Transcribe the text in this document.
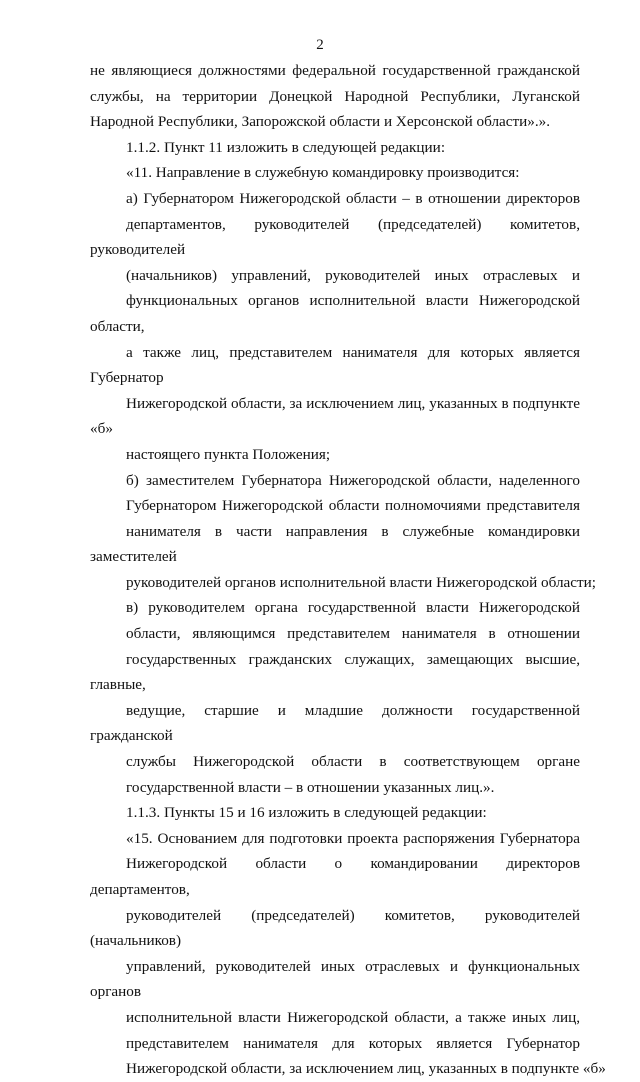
2
не являющиеся должностями федеральной государственной гражданской
службы, на территории Донецкой Народной Республики, Луганской
Народной Республики, Запорожской области и Херсонской области».».
1.1.2. Пункт 11 изложить в следующей редакции:
«11. Направление в служебную командировку производится:
а) Губернатором Нижегородской области – в отношении директоров
департаментов, руководителей (председателей) комитетов, руководителей
(начальников) управлений, руководителей иных отраслевых и
функциональных органов исполнительной власти Нижегородской области,
а также лиц, представителем нанимателя для которых является Губернатор
Нижегородской области, за исключением лиц, указанных в подпункте «б»
настоящего пункта Положения;
б) заместителем Губернатора Нижегородской области, наделенного
Губернатором Нижегородской области полномочиями представителя
нанимателя в части направления в служебные командировки заместителей
руководителей органов исполнительной власти Нижегородской области;
в) руководителем органа государственной власти Нижегородской
области, являющимся представителем нанимателя в отношении
государственных гражданских служащих, замещающих высшие, главные,
ведущие, старшие и младшие должности государственной гражданской
службы Нижегородской области в соответствующем органе
государственной власти – в отношении указанных лиц.».
1.1.3. Пункты 15 и 16 изложить в следующей редакции:
«15. Основанием для подготовки проекта распоряжения Губернатора
Нижегородской области о командировании директоров департаментов,
руководителей (председателей) комитетов, руководителей (начальников)
управлений, руководителей иных отраслевых и функциональных органов
исполнительной власти Нижегородской области, а также иных лиц,
представителем нанимателя для которых является Губернатор
Нижегородской области, за исключением лиц, указанных в подпункте «б»
